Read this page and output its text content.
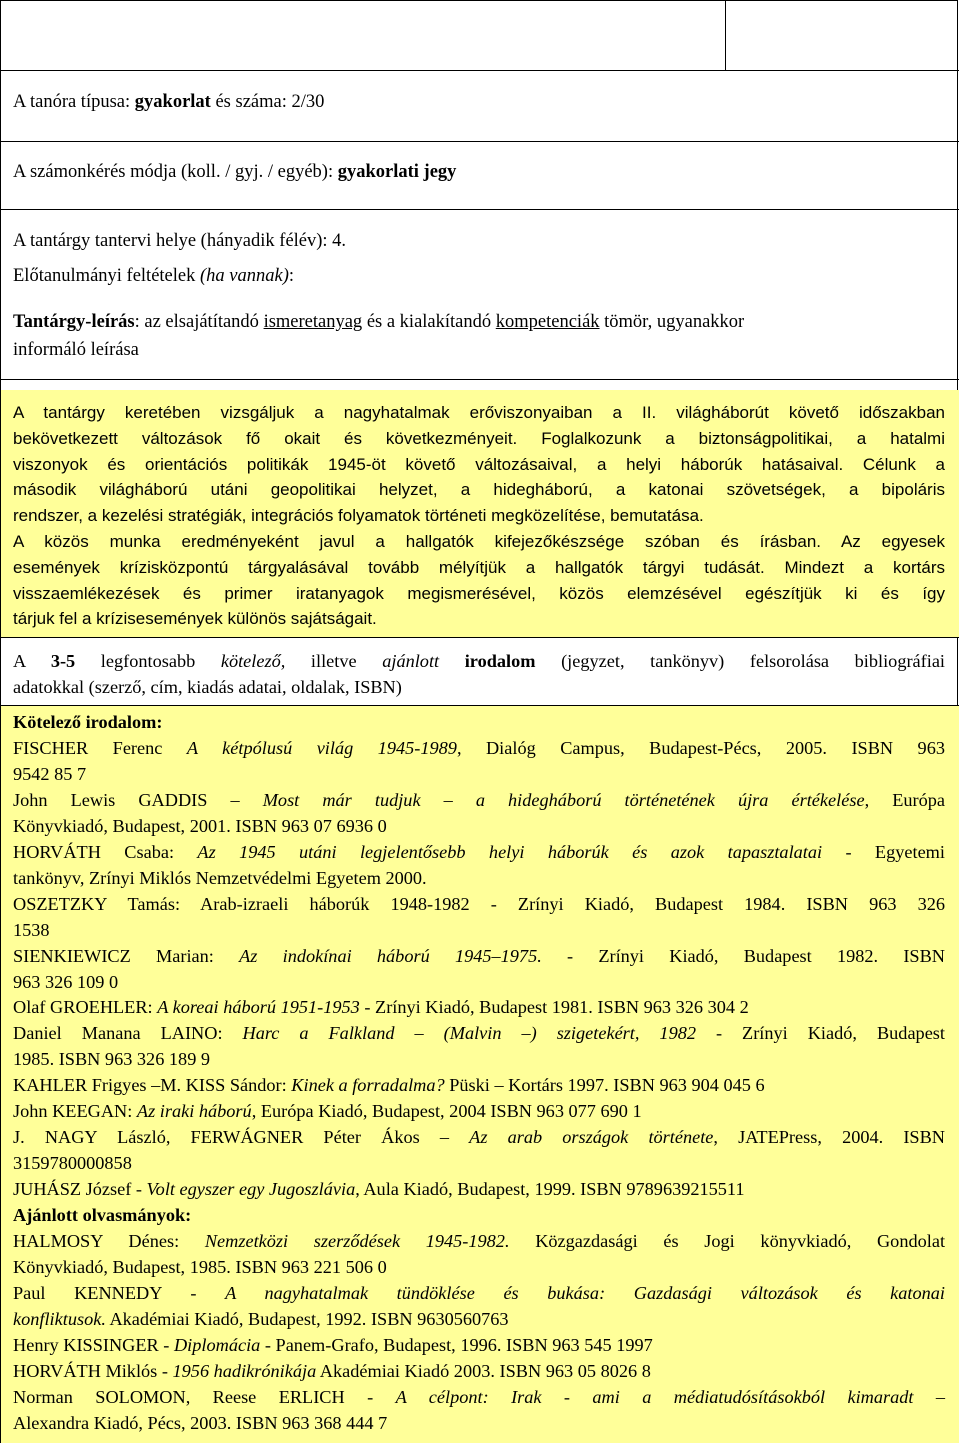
A tanóra típusa: gyakorlat és száma: 2/30
A számonkérés módja (koll. / gyj. / egyéb): gyakorlati jegy
A tantárgy tantervi helye (hányadik félév): 4.
Előtanulmányi feltételek (ha vannak):
Tantárgy-leírás: az elsajátítandó ismeretanyag és a kialakítandó kompetenciák tömör, ugyanakkor
informáló leírása
A tantárgy keretében vizsgáljuk a nagyhatalmak erőviszonyaiban a II. világháborút követő időszakban
bekövetkezett változások fő okait és következményeit. Foglalkozunk a biztonságpolitikai, a hatalmi
viszonyok és orientációs politikák 1945-öt követő változásaival, a helyi háborúk hatásaival. Célunk a
második világháború utáni geopolitikai helyzet, a hidegháború, a katonai szövetségek, a bipoláris
rendszer, a kezelési stratégiák, integrációs folyamatok történeti megközelítése, bemutatása.
A közös munka eredményeként javul a hallgatók kifejezőkészsége szóban és írásban. Az egyesek
események krízisközpontú tárgyalásával tovább mélyítjük a hallgatók tárgyi tudását. Mindezt a kortárs
visszaemlékezések és primer iratanyagok megismerésével, közös elemzésével egészítjük ki és így
tárjuk fel a krízisesemények különös sajátságait.
A 3-5 legfontosabb kötelező, illetve ajánlott irodalom (jegyzet, tankönyv) felsorolása bibliográfiai
adatokkal (szerző, cím, kiadás adatai, oldalak, ISBN)
Kötelező irodalom:
FISCHER Ferenc A kétpólusú világ 1945-1989, Dialóg Campus, Budapest-Pécs, 2005. ISBN 963
9542 85 7
John Lewis GADDIS – Most már tudjuk – a hidegháború történetének újra értékelése, Európa
Könyvkiadó, Budapest, 2001. ISBN 963 07 6936 0
HORVÁTH Csaba: Az 1945 utáni legjelentősebb helyi háborúk és azok tapasztalatai - Egyetemi
tankönyv, Zrínyi Miklós Nemzetvédelmi Egyetem 2000.
OSZETZKY Tamás: Arab-izraeli háborúk 1948-1982 - Zrínyi Kiadó, Budapest 1984. ISBN 963 326
1538
SIENKIEWICZ Marian: Az indokínai háború 1945–1975. - Zrínyi Kiadó, Budapest 1982. ISBN
963 326 109 0
Olaf GROEHLER: A koreai háború 1951-1953 - Zrínyi Kiadó, Budapest 1981. ISBN 963 326 304 2
Daniel Manana LAINO: Harc a Falkland – (Malvin –) szigetekért, 1982 - Zrínyi Kiadó, Budapest
1985. ISBN 963 326 189 9
KAHLER Frigyes –M. KISS Sándor: Kinek a forradalma? Püski – Kortárs 1997. ISBN 963 904 045 6
John KEEGAN: Az iraki háború, Európa Kiadó, Budapest, 2004 ISBN 963 077 690 1
J. NAGY László, FERWÁGNER Péter Ákos – Az arab országok története, JATEPress, 2004. ISBN
3159780000858
JUHÁSZ József - Volt egyszer egy Jugoszlávia, Aula Kiadó, Budapest, 1999. ISBN 9789639215511
Ajánlott olvasmányok:
HALMOSY Dénes: Nemzetközi szerződések 1945-1982. Közgazdasági és Jogi könyvkiadó, Gondolat
Könyvkiadó, Budapest, 1985. ISBN 963 221 506 0
Paul KENNEDY - A nagyhatalmak tündöklése és bukása: Gazdasági változások és katonai
konfliktusok. Akadémiai Kiadó, Budapest, 1992. ISBN 9630560763
Henry KISSINGER - Diplomácia - Panem-Grafo, Budapest, 1996. ISBN 963 545 1997
HORVÁTH Miklós - 1956 hadikrónikája Akadémiai Kiadó 2003. ISBN 963 05 8026 8
Norman SOLOMON, Reese ERLICH - A célpont: Irak - ami a médiatudósításokból kimaradt –
Alexandra Kiadó, Pécs, 2003. ISBN 963 368 444 7
